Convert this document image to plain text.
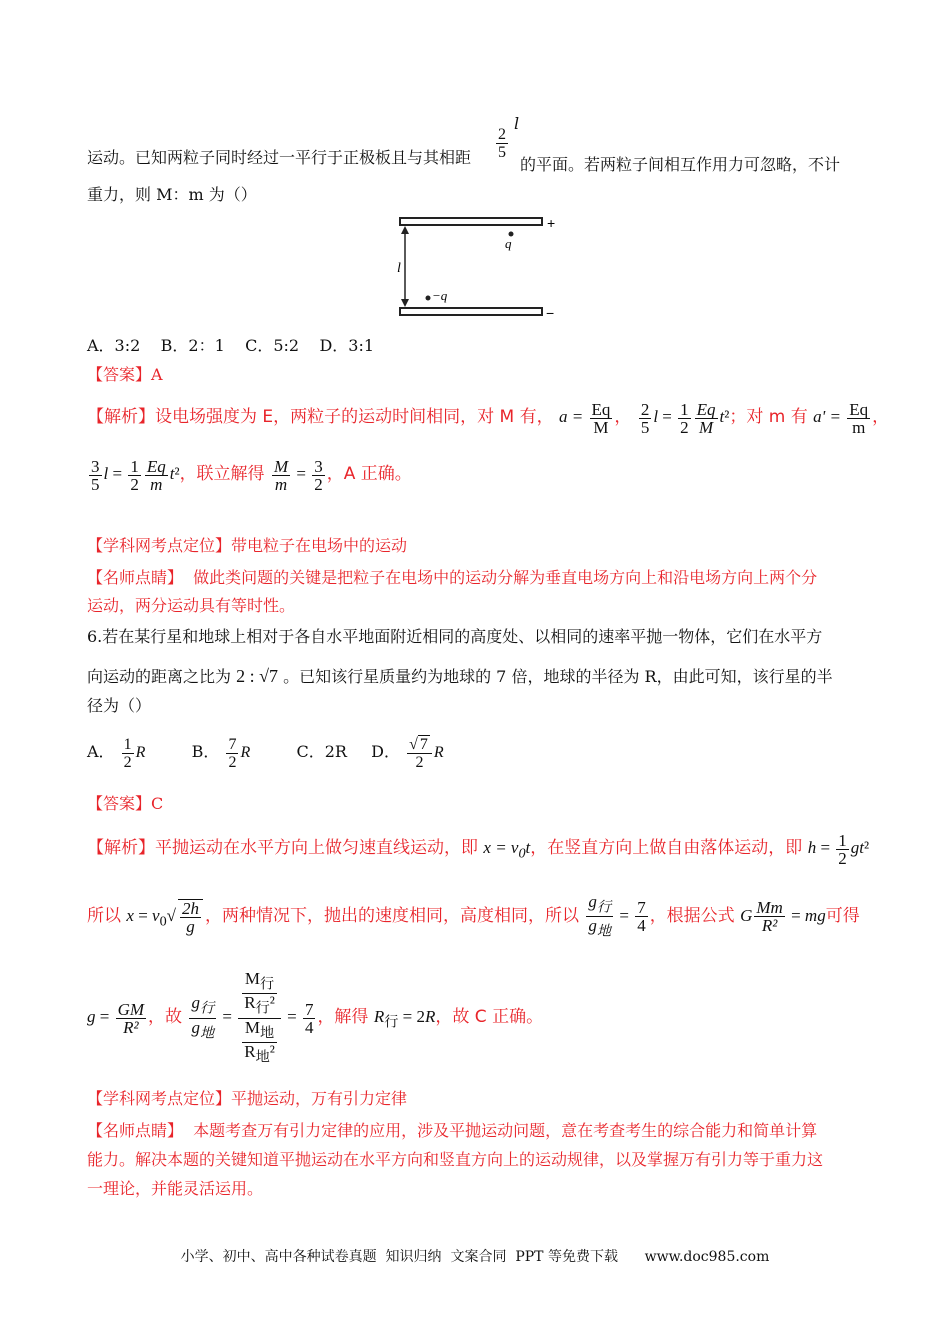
运动。已知两粒子同时经过一平行于正极板且与其相距 $\frac{2}{5}$
l
的平面。若两粒子间相互作用力可忽略，不计
重力，则 M：m 为（）
l
+
−
q
−q
A．3:2    B．2：1    C．5:2    D．3:1
【答案】A
【解析】设电场强度为 E，两粒子的运动时间相同，对 M 有， $a = \frac{Eq}{M}$ ， $\frac{2}{5}$ $l = \frac{1}{2} \frac{Eq}{M} t^2$；对 m 有 $a' = \frac{Eq}{m}$ ，
$\frac{3}{5}$ $l = \frac{1}{2} \frac{Eq}{m} t^2$，联立解得 $\frac{M}{m} = \frac{3}{2}$ ，A 正确。
【学科网考点定位】带电粒子在电场中的运动
【名师点睛】  做此类问题的关键是把粒子在电场中的运动分解为垂直电场方向上和沿电场方向上两个分
运动，两分运动具有等时性。
6.若在某行星和地球上相对于各自水平地面附近相同的高度处、以相同的速率平抛一物体，它们在水平方
向运动的距离之比为 2 : √7 。已知该行星质量约为地球的 7 倍，地球的半径为 R，由此可知，该行星的半
径为（）
A． $\frac{1}{2}$ R	B． $\frac{7}{2}$ R	C．2R D． $\frac{√ 7}{2}$ R
【答案】C
【解析】平抛运动在水平方向上做匀速直线运动，即 $x = v_0t$，在竖直方向上做自由落体运动，即 $h = \frac{1}{2} gt^2$
所以 $x = v_0√ \frac{2h}{g}$ ，两种情况下，抛出的速度相同，高度相同，所以 $\frac{g_行}{g_地} = \frac{7}{4}$ ，根据公式 G $\frac{Mm}{\text{R²}}$ = mg可得
$g = \frac{GM}{\text{R²}}$ ，故 $\frac{g_行}{g_地} = \frac{\frac{M_行}{R_行^2}}{\frac{M_地}{R_地^2}} = \frac{7}{4}$ ，解得 $R_行 = 2R$，故 C 正确。
【学科网考点定位】平抛运动，万有引力定律
【名师点睛】  本题考查万有引力定律的应用，涉及平抛运动问题，意在考查考生的综合能力和简单计算
能力。解决本题的关键知道平抛运动在水平方向和竖直方向上的运动规律，以及掌握万有引力等于重力这
一理论，并能灵活运用。
小学、初中、高中各种试卷真题  知识归纳  文案合同  PPT 等免费下载      www.doc985.com
